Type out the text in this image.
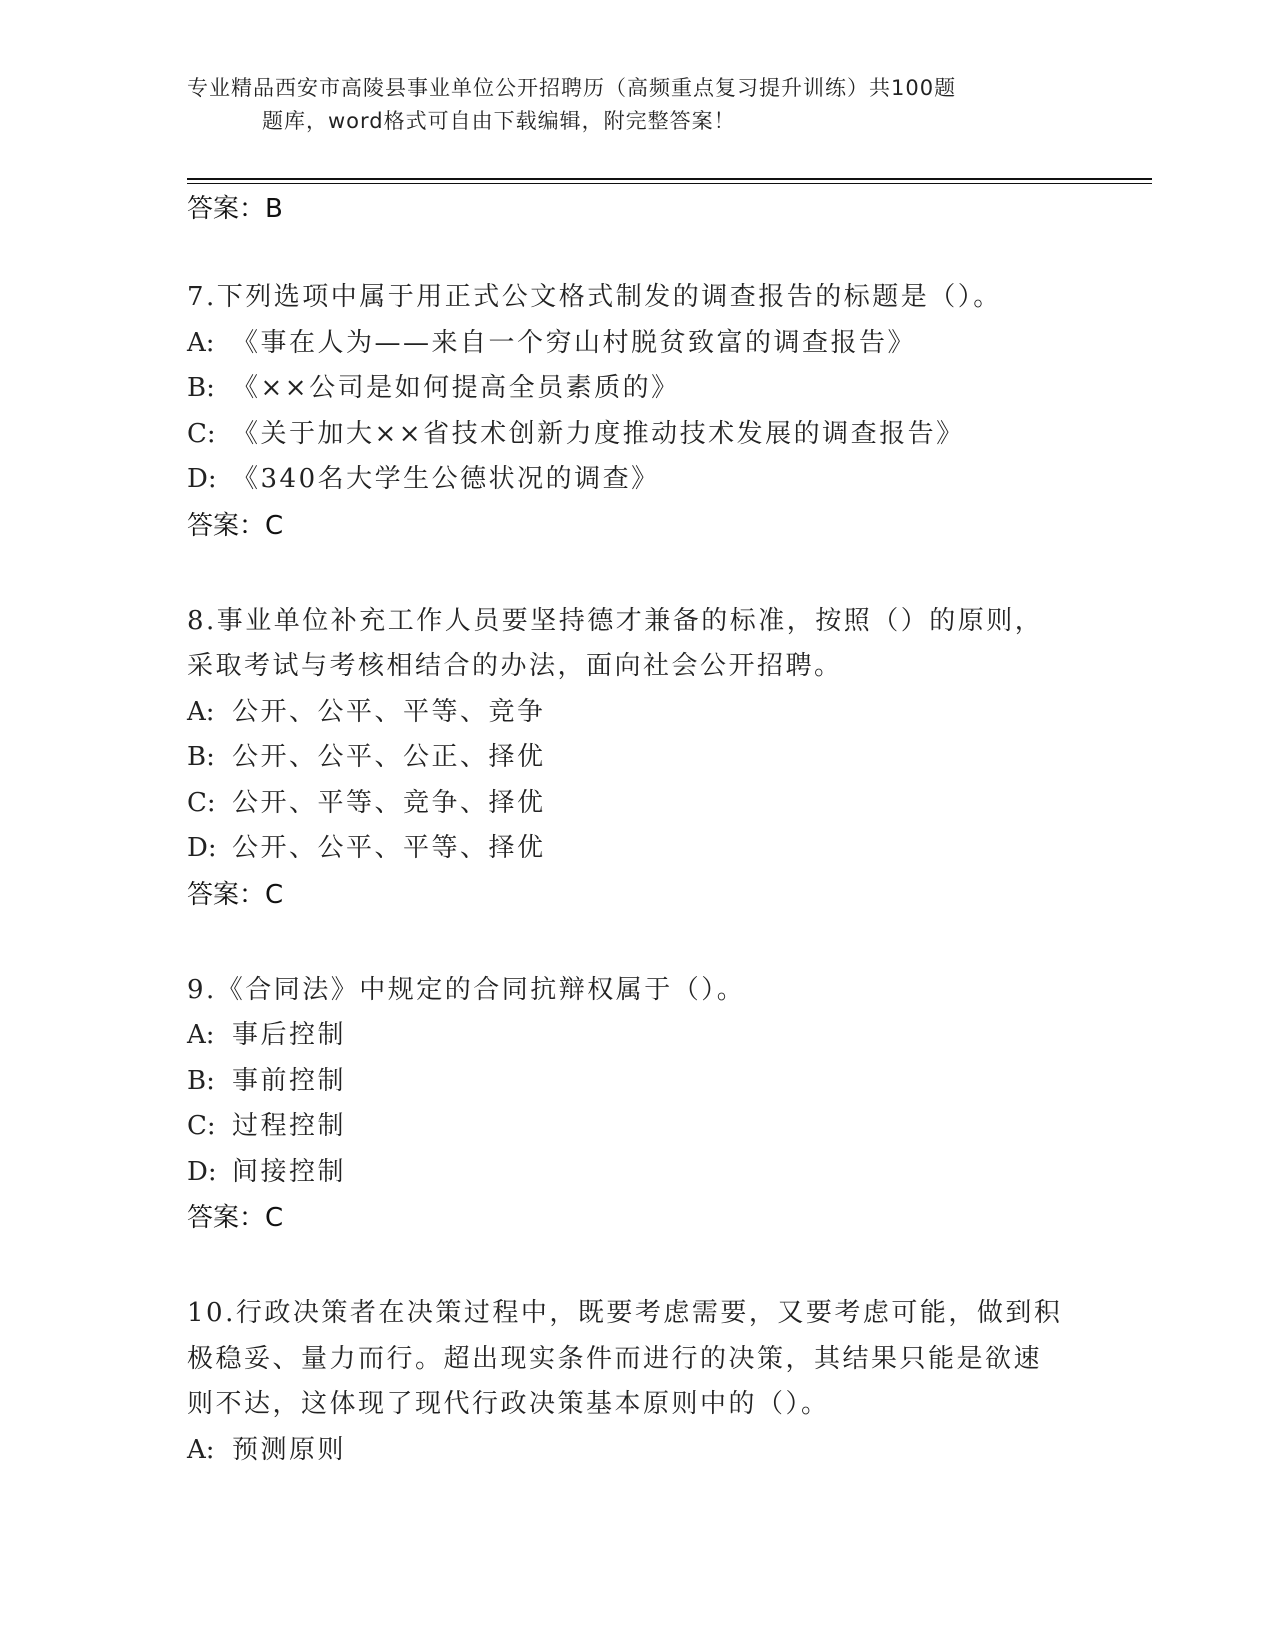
专业精品西安市高陵县事业单位公开招聘历（高频重点复习提升训练）共100题
题库，word格式可自由下载编辑，附完整答案！
答案：B
7.下列选项中属于用正式公文格式制发的调查报告的标题是（）。
A: 《事在人为——来自一个穷山村脱贫致富的调查报告》
B: 《××公司是如何提高全员素质的》
C: 《关于加大××省技术创新力度推动技术发展的调查报告》
D: 《340名大学生公德状况的调查》
答案：C
8.事业单位补充工作人员要坚持德才兼备的标准，按照（）的原则，
采取考试与考核相结合的办法，面向社会公开招聘。
A: 公开、公平、平等、竞争
B: 公开、公平、公正、择优
C: 公开、平等、竞争、择优
D: 公开、公平、平等、择优
答案：C
9.《合同法》中规定的合同抗辩权属于（）。
A: 事后控制
B: 事前控制
C: 过程控制
D: 间接控制
答案：C
10.行政决策者在决策过程中，既要考虑需要，又要考虑可能，做到积
极稳妥、量力而行。超出现实条件而进行的决策，其结果只能是欲速
则不达，这体现了现代行政决策基本原则中的（）。
A: 预测原则
